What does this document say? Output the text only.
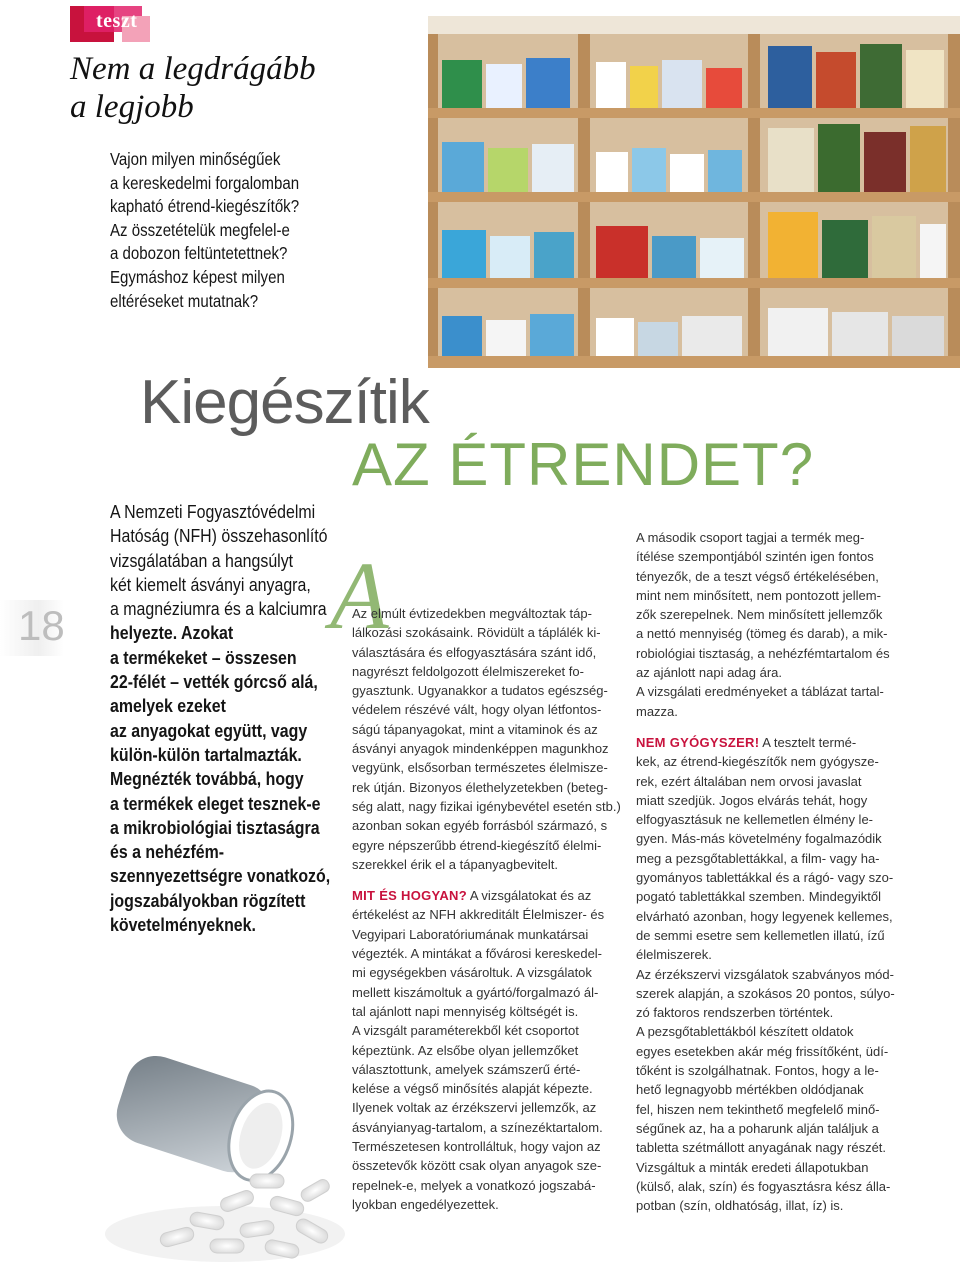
teszt
Nem a legdrágább
a legjobb
Vajon milyen minőségűek
a kereskedelmi forgalomban
kapható étrend-kiegészítők?
Az összetételük megfelel-e
a dobozon feltüntetettnek?
Egymáshoz képest milyen
eltéréseket mutatnak?
Kiegészítik
AZ ÉTRENDET?
18
A Nemzeti Fogyasztóvédelmi
Hatóság (NFH) összehasonlító
vizsgálatában a hangsúlyt
két kiemelt ásványi anyagra,
a magnéziumra és a kalciumra
helyezte. Azokat
a termékeket – összesen
22-félét – vették górcső alá,
amelyek ezeket
az anyagokat együtt, vagy
külön-külön tartalmazták.
Megnézték továbbá, hogy
a termékek eleget tesznek-e
a mikrobiológiai tisztaságra
és a nehézfém-
szennyezettségre vonatkozó,
jogszabályokban rögzített
követelményeknek.
A
Az elmúlt évtizedekben megváltoztak táp-
lálkozási szokásaink. Rövidült a táplálék ki-
választására és elfogyasztására szánt idő,
nagyrészt feldolgozott élelmiszereket fo-
gyasztunk. Ugyanakkor a tudatos egészség-
védelem részévé vált, hogy olyan létfontos-
ságú tápanyagokat, mint a vitaminok és az
ásványi anyagok mindenképpen magunkhoz
vegyünk, elsősorban természetes élelmisze-
rek útján. Bizonyos élethelyzetekben (beteg-
ség alatt, nagy fizikai igénybevétel esetén stb.)
azonban sokan egyéb forrásból származó, s
egyre népszerűbb étrend-kiegészítő élelmi-
szerekkel érik el a tápanyagbevitelt.
MIT ÉS HOGYAN? A vizsgálatokat és az
értékelést az NFH akkreditált Élelmiszer- és
Vegyipari Laboratóriumának munkatársai
végezték. A mintákat a fővárosi kereskedel-
mi egységekben vásároltuk. A vizsgálatok
mellett kiszámoltuk a gyártó/forgalmazó ál-
tal ajánlott napi mennyiség költségét is.
A vizsgált paraméterekből két csoportot
képeztünk. Az elsőbe olyan jellemzőket
választottunk, amelyek számszerű érté-
kelése a végső minősítés alapját képezte.
Ilyenek voltak az érzékszervi jellemzők, az
ásványianyag-tartalom, a színezéktartalom.
Természetesen kontrolláltuk, hogy vajon az
összetevők között csak olyan anyagok sze-
repelnek-e, melyek a vonatkozó jogszabá-
lyokban engedélyezettek.
A második csoport tagjai a termék meg-
ítélése szempontjából szintén igen fontos
tényezők, de a teszt végső értékelésében,
mint nem minősített, nem pontozott jellem-
zők szerepelnek. Nem minősített jellemzők
a nettó mennyiség (tömeg és darab), a mik-
robiológiai tisztaság, a nehézfémtartalom és
az ajánlott napi adag ára.
A vizsgálati eredményeket a táblázat tartal-
mazza.
NEM GYÓGYSZER! A tesztelt termé-
kek, az étrend-kiegészítők nem gyógysze-
rek, ezért általában nem orvosi javaslat
miatt szedjük. Jogos elvárás tehát, hogy
elfogyasztásuk ne kellemetlen élmény le-
gyen. Más-más követelmény fogalmazódik
meg a pezsgőtablettákkal, a film- vagy ha-
gyományos tablettákkal és a rágó- vagy szo-
pogató tablettákkal szemben. Mindegyiktől
elvárható azonban, hogy legyenek kellemes,
de semmi esetre sem kellemetlen illatú, ízű
élelmiszerek.
Az érzékszervi vizsgálatok szabványos mód-
szerek alapján, a szokásos 20 pontos, súlyo-
zó faktoros rendszerben történtek.
A pezsgőtablettákból készített oldatok
egyes esetekben akár még frissítőként, üdí-
tőként is szolgálhatnak. Fontos, hogy a le-
hető legnagyobb mértékben oldódjanak
fel, hiszen nem tekinthető megfelelő minő-
ségűnek az, ha a poharunk alján találjuk a
tabletta szétmállott anyagának nagy részét.
Vizsgáltuk a minták eredeti állapotukban
(külső, alak, szín) és fogyasztásra kész álla-
potban (szín, oldhatóság, illat, íz) is.
